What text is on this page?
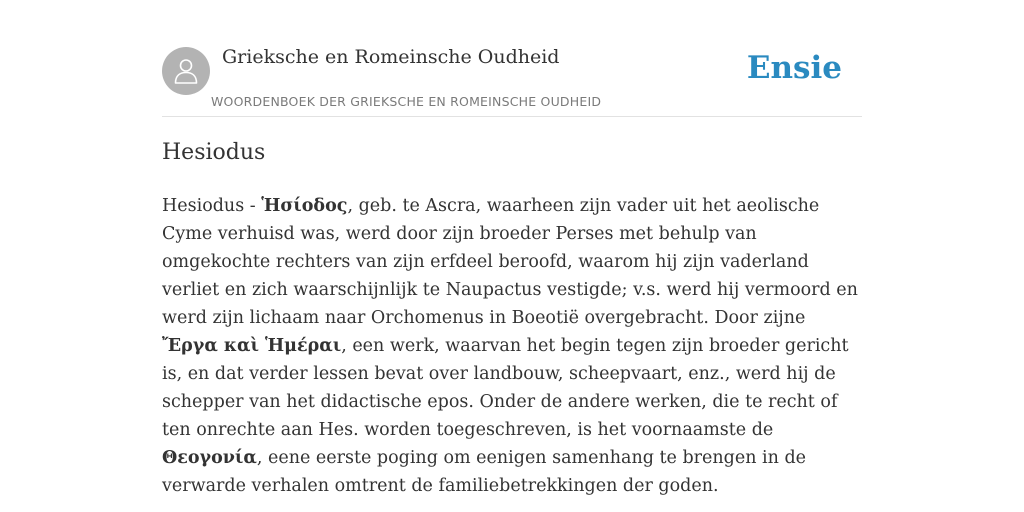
Grieksche en Romeinsche Oudheid
WOORDENBOEK DER GRIEKSCHE EN ROMEINSCHE OUDHEID
Ensie
Hesiodus

Hesiodus - Ἡσίοδος, geb. te Ascra, waarheen zijn vader uit het aeolische Cyme verhuisd was, werd door zijn broeder Perses met behulp van omgekochte rechters van zijn erfdeel beroofd, waarom hij zijn vaderland verliet en zich waarschijnlijk te Naupactus vestigde; v.s. werd hij vermoord en werd zijn lichaam naar Orchomenus in Boeotië overgebracht. Door zijne Ἔργα καὶ Ἡμέραι, een werk, waarvan het begin tegen zijn broeder gericht is, en dat verder lessen bevat over landbouw, scheepvaart, enz., werd hij de schepper van het didactische epos. Onder de andere werken, die te recht of ten onrechte aan Hes. worden toegeschreven, is het voornaamste de Θεογονία, eene eerste poging om eenigen samenhang te brengen in de verwarde verhalen omtrent de familiebetrekkingen der goden.
